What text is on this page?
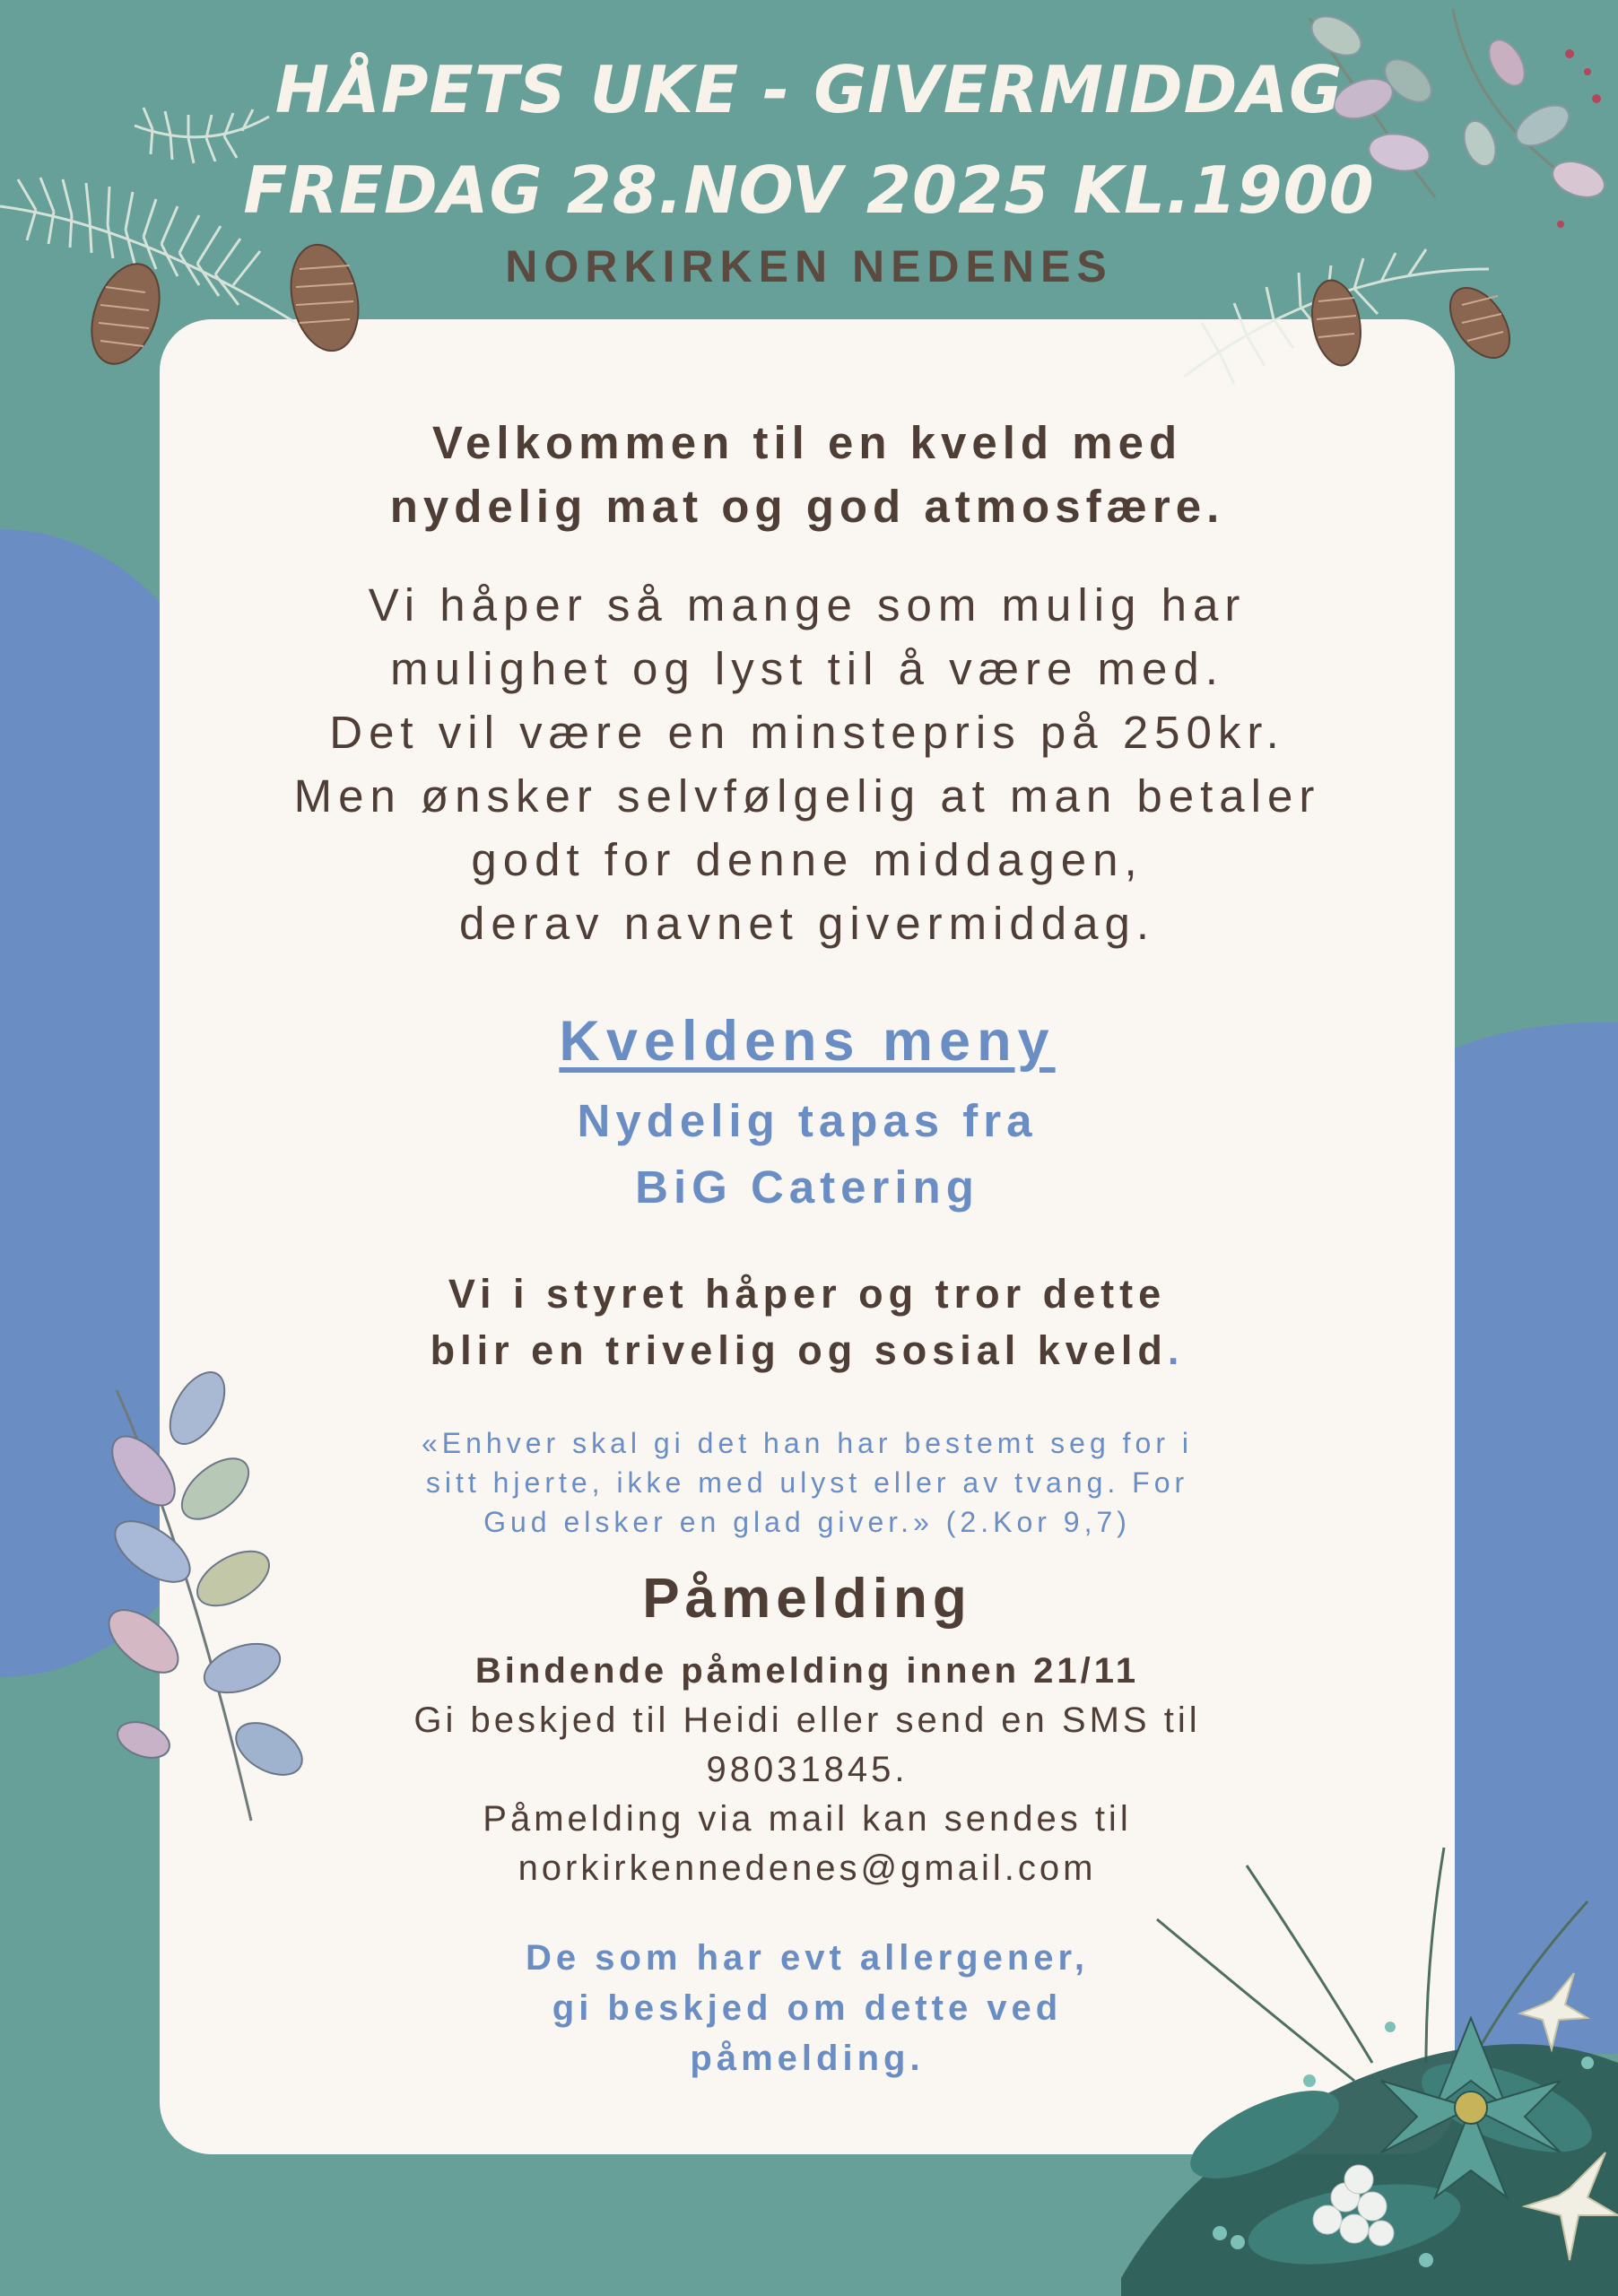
HÅPETS UKE - GIVERMIDDAG
FREDAG 28.NOV 2025 KL.1900

NORKIRKEN NEDENES

Velkommen til en kveld med
nydelig mat og god atmosfære.
Vi håper så mange som mulig har
mulighet og lyst til å være med.
Det vil være en minstepris på 250kr.
Men ønsker selvfølgelig at man betaler
godt for denne middagen,
derav navnet givermiddag.
Kveldens meny
Nydelig tapas fra
BiG Catering
Vi i styret håper og tror dette
blir en trivelig og sosial kveld.
«Enhver skal gi det han har bestemt seg for i
sitt hjerte, ikke med ulyst eller av tvang. For
Gud elsker en glad giver.» (2.Kor 9,7)
Påmelding
Bindende påmelding innen 21/11
Gi beskjed til Heidi eller send en SMS til
98031845.
Påmelding via mail kan sendes til
norkirkennedenes@gmail.com
De som har evt allergener,
gi beskjed om dette ved
påmelding.
